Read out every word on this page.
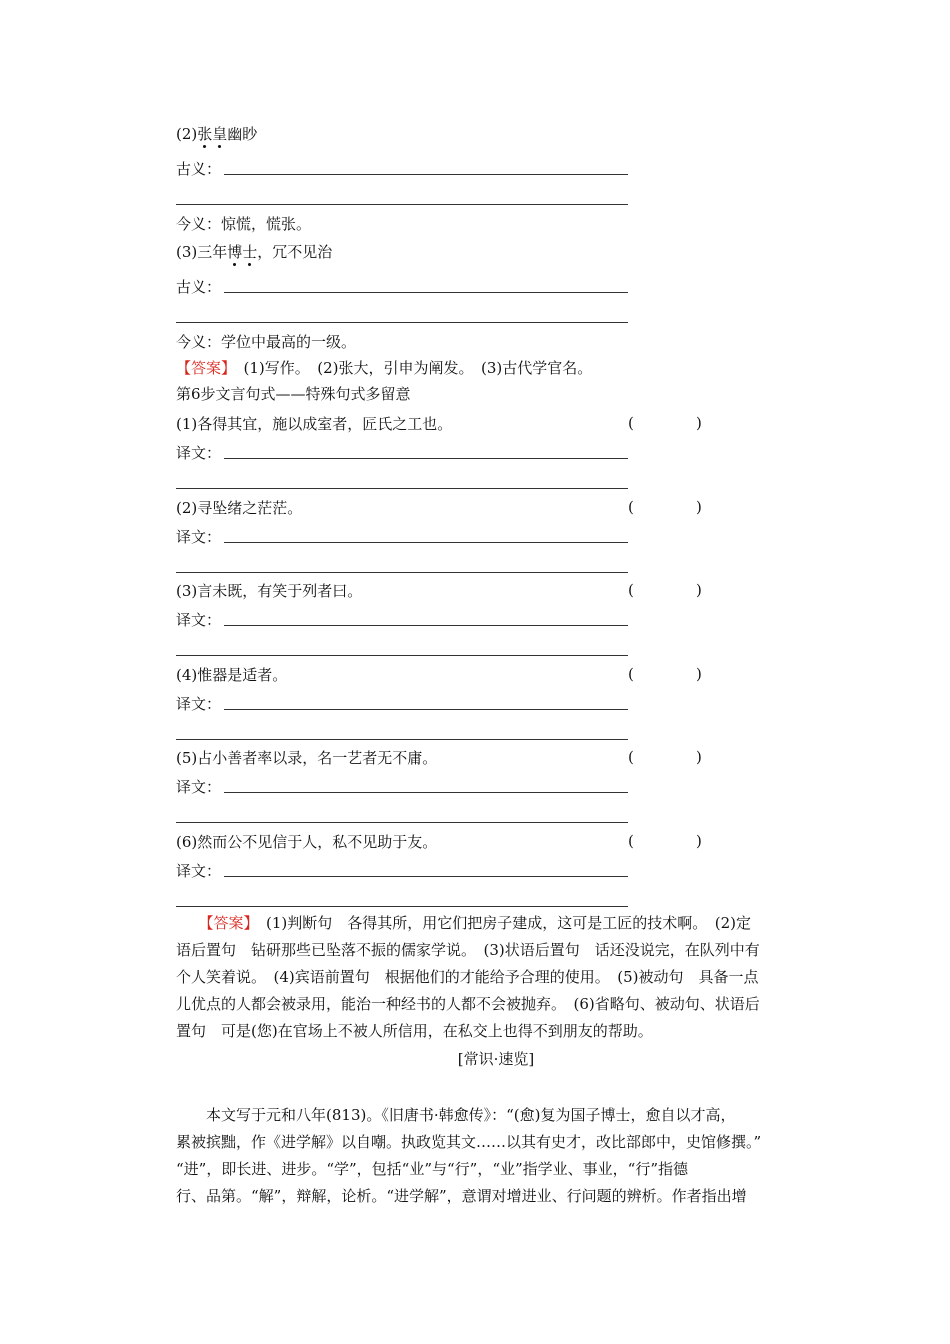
(2)张皇幽眇
古义：
今义：惊慌，慌张。
(3)三年博士，冗不见治
古义：
今义：学位中最高的一级。
【答案】　(1)写作。　(2)张大，引申为阐发。　(3)古代学官名。
第6步文言句式——特殊句式多留意
(1)各得其宜，施以成室者，匠氏之工也。	(	)
译文：
(2)寻坠绪之茫茫。	(	)
译文：
(3)言未既，有笑于列者曰。	(	)
译文：
(4)惟器是适者。	(	)
译文：
(5)占小善者率以录，名一艺者无不庸。	(	)
译文：
(6)然而公不见信于人，私不见助于友。	(	)
译文：
　　【答案】　(1)判断句　各得其所，用它们把房子建成，这可是工匠的技术啊。　(2)定
语后置句　钻研那些已坠落不振的儒家学说。　(3)状语后置句　话还没说完，在队列中有
个人笑着说。　(4)宾语前置句　根据他们的才能给予合理的使用。　(5)被动句　具备一点
儿优点的人都会被录用，能治一种经书的人都不会被抛弃。　(6)省略句、被动句、状语后
置句　可是(您)在官场上不被人所信用，在私交上也得不到朋友的帮助。
[常识·速览]
　　本文写于元和八年(813)。《旧唐书·韩愈传》：“(愈)复为国子博士，愈自以才高，
累被摈黜，作《进学解》以自嘲。执政览其文……以其有史才，改比部郎中，史馆修撰。”
“进”，即长进、进步。“学”，包括“业”与“行”，“业”指学业、事业，“行”指德
行、品第。“解”，辩解，论析。“进学解”，意谓对增进业、行问题的辨析。作者指出增
